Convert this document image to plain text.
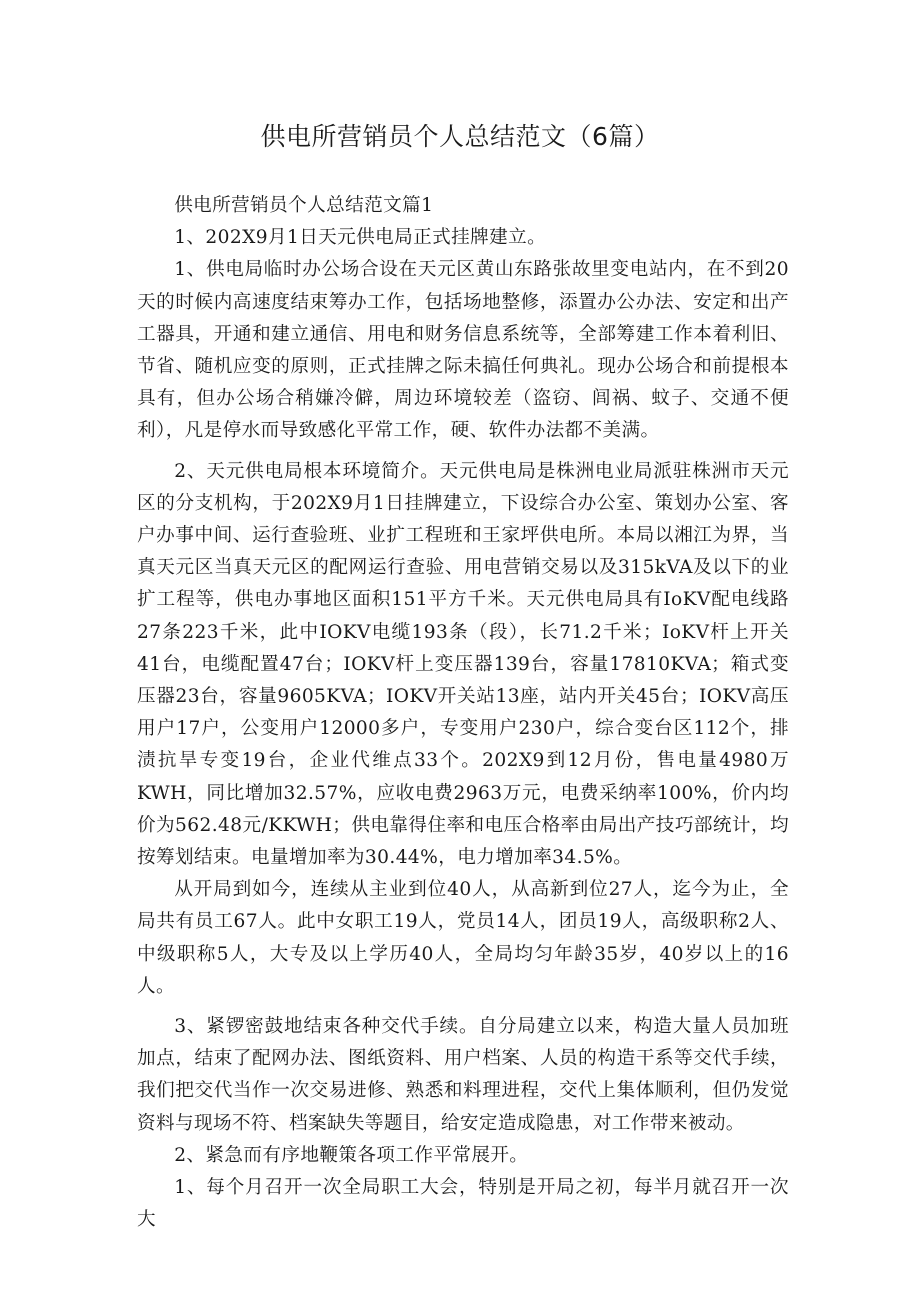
供电所营销员个人总结范文（6篇）

供电所营销员个人总结范文篇1

1、202X9月1日天元供电局正式挂牌建立。

1、供电局临时办公场合设在天元区黄山东路张故里变电站内，在不到20天的时候内高速度结束筹办工作，包括场地整修，添置办公办法、安定和出产工器具，开通和建立通信、用电和财务信息系统等，全部筹建工作本着利旧、节省、随机应变的原则，正式挂牌之际未搞任何典礼。现办公场合和前提根本具有，但办公场合稍嫌冷僻，周边环境较差（盗窃、闾祸、蚊子、交通不便利），凡是停水而导致感化平常工作，硬、软件办法都不美满。

2、天元供电局根本环境简介。天元供电局是株洲电业局派驻株洲市天元区的分支机构，于202X9月1日挂牌建立，下设综合办公室、策划办公室、客户办事中间、运行查验班、业扩工程班和王家坪供电所。本局以湘江为界，当真天元区当真天元区的配网运行查验、用电营销交易以及315kVA及以下的业扩工程等，供电办事地区面积151平方千米。天元供电局具有IoKV配电线路27条223千米，此中IOKV电缆193条（段），长71.2千米；IoKV杆上开关41台，电缆配置47台；IOKV杆上变压器139台，容量17810KVA；箱式变压器23台，容量9605KVA；IOKV开关站13座，站内开关45台；IOKV高压用户17户，公变用户12000多户，专变用户230户，综合变台区112个，排渍抗旱专变19台，企业代维点33个。202X9到12月份，售电量4980万KWH，同比增加32.57%，应收电费2963万元，电费采纳率100%，价内均价为562.48元/KKWH；供电靠得住率和电压合格率由局出产技巧部统计，均按筹划结束。电量增加率为30.44%，电力增加率34.5%。

从开局到如今，连续从主业到位40人，从高新到位27人，迄今为止，全局共有员工67人。此中女职工19人，党员14人，团员19人，高级职称2人、中级职称5人，大专及以上学历40人，全局均匀年龄35岁，40岁以上的16人。

3、紧锣密鼓地结束各种交代手续。自分局建立以来，构造大量人员加班加点，结束了配网办法、图纸资料、用户档案、人员的构造干系等交代手续，我们把交代当作一次交易进修、熟悉和料理进程，交代上集体顺利，但仍发觉资料与现场不符、档案缺失等题目，给安定造成隐患，对工作带来被动。

2、紧急而有序地鞭策各项工作平常展开。

1、每个月召开一次全局职工大会，特别是开局之初，每半月就召开一次大
